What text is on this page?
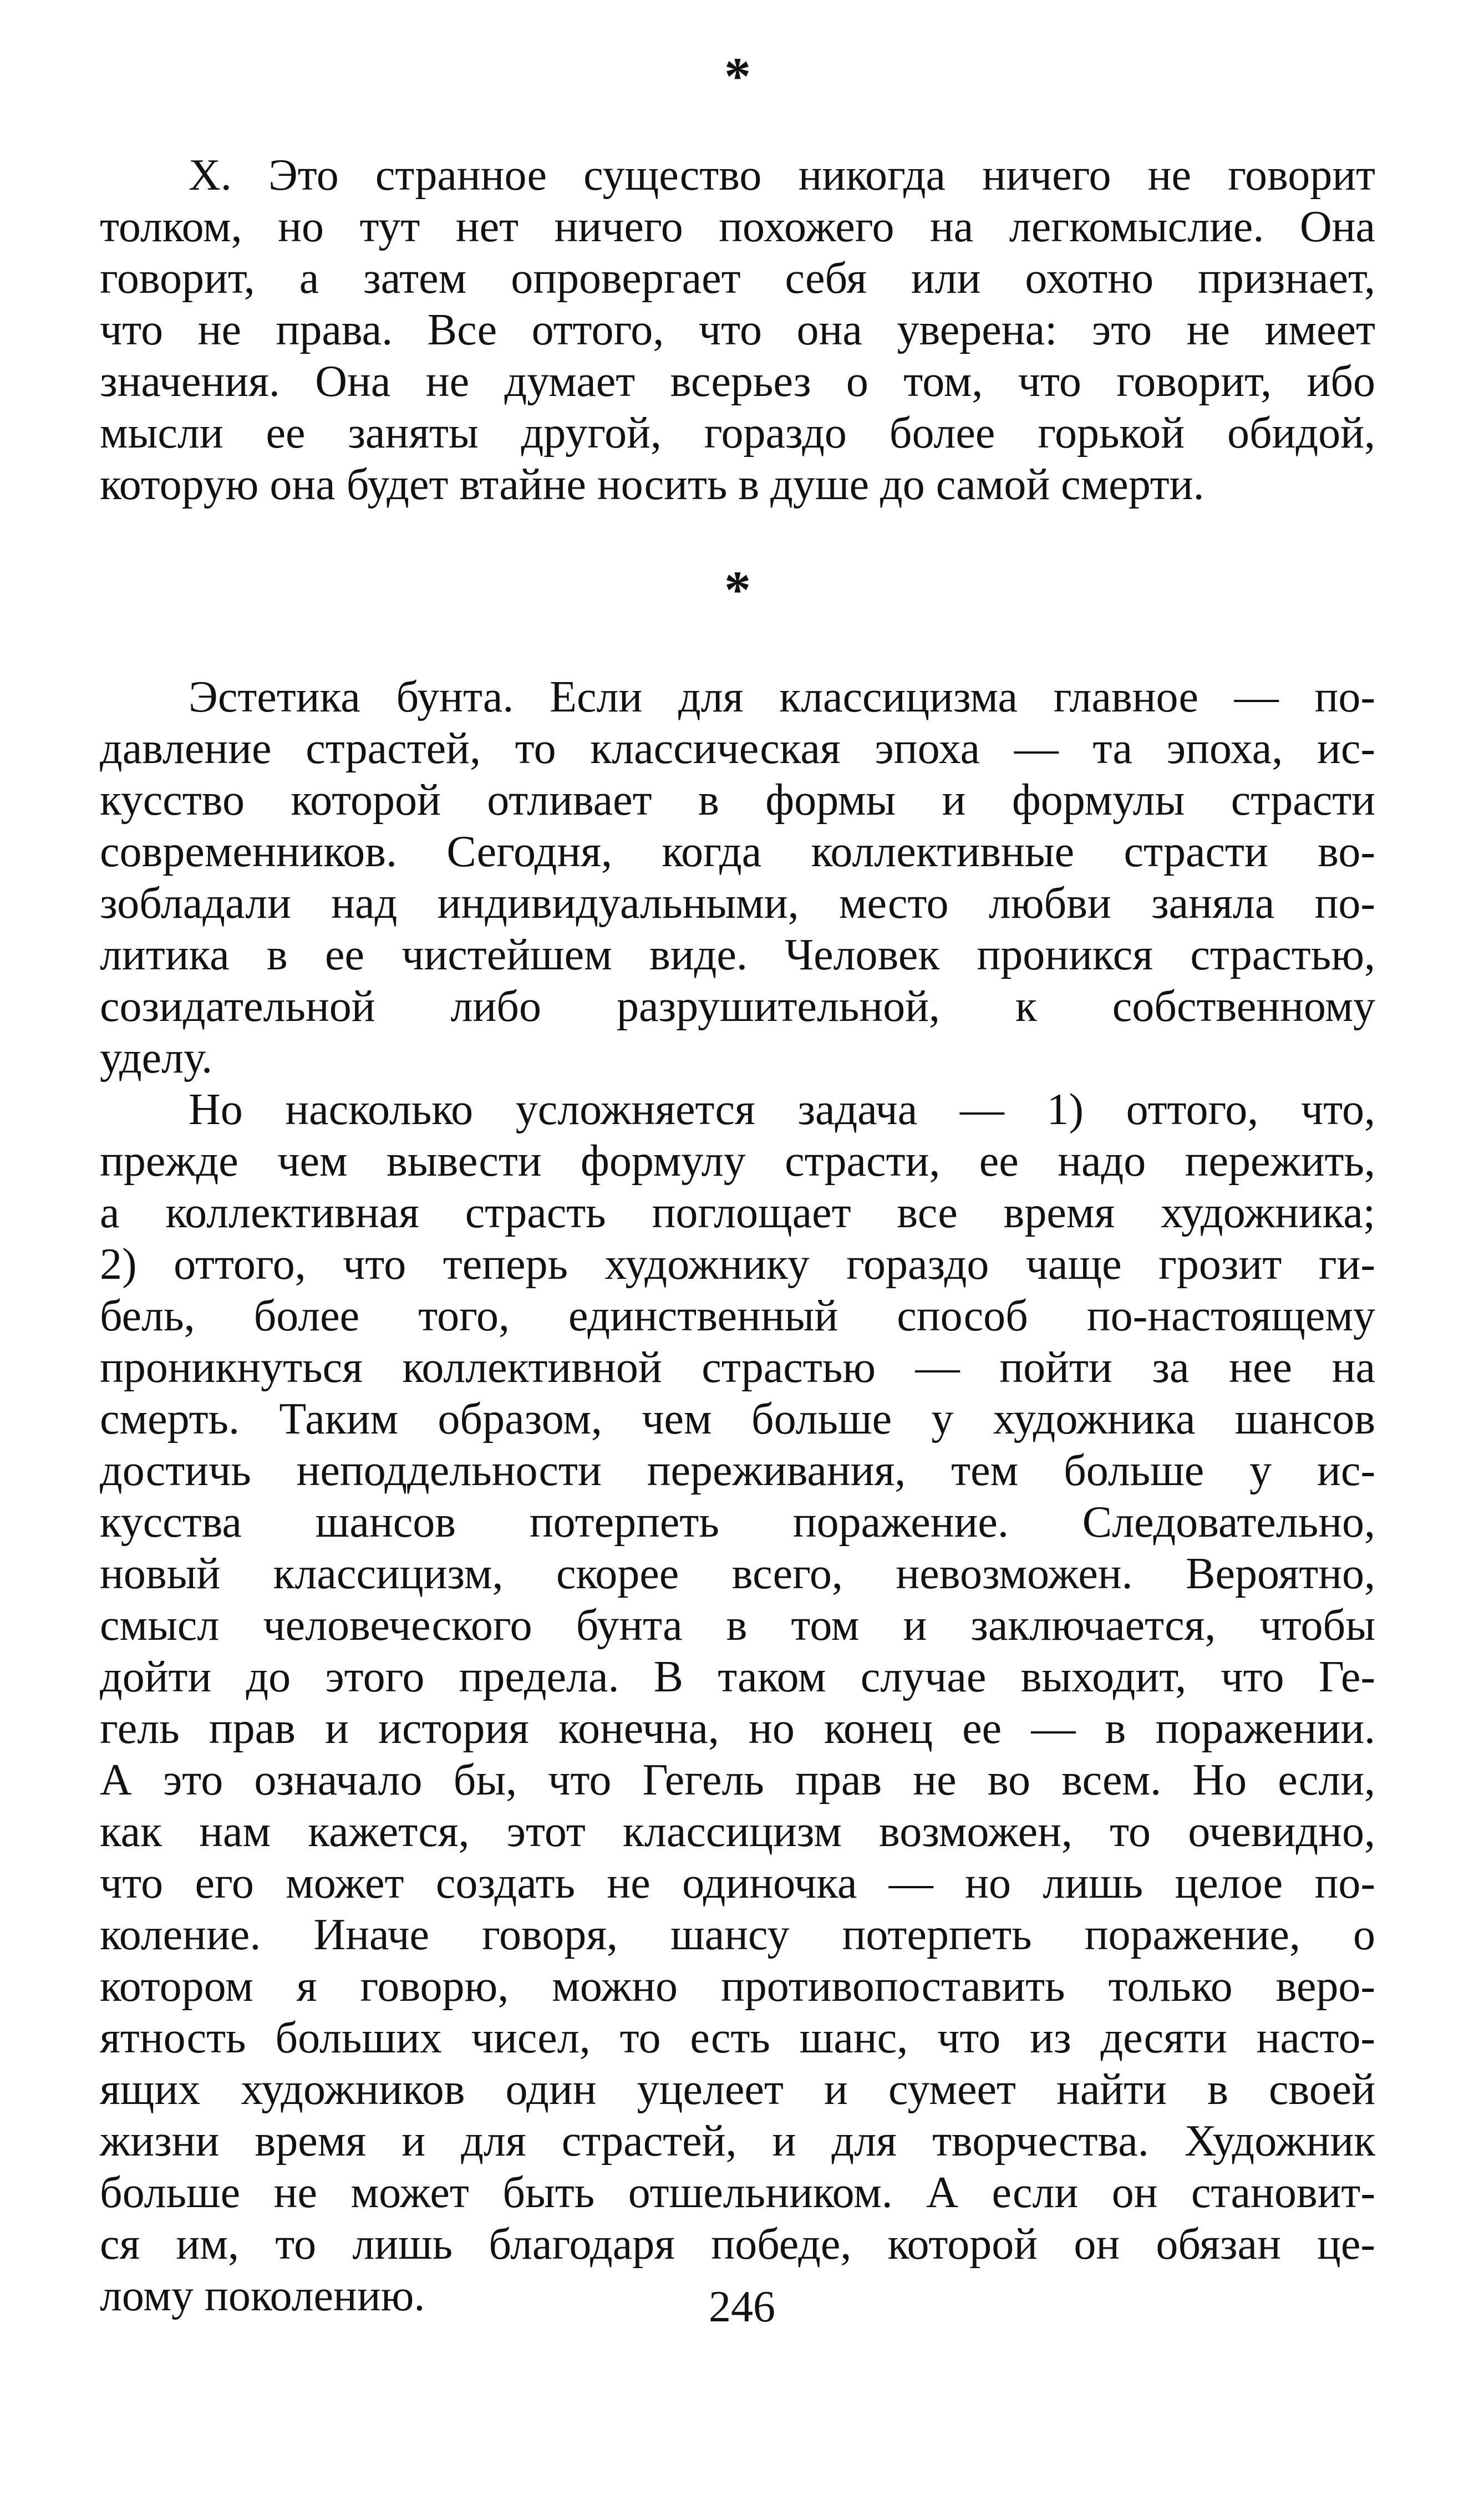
*
X. Это странное существо никогда ничего не говорит
толком, но тут нет ничего похожего на легкомыслие. Она
говорит, а затем опровергает себя или охотно признает,
что не права. Все оттого, что она уверена: это не имеет
значения. Она не думает всерьез о том, что говорит, ибо
мысли ее заняты другой, гораздо более горькой обидой,
которую она будет втайне носить в душе до самой смерти.
*
Эстетика бунта. Если для классицизма главное — по-
давление страстей, то классическая эпоха — та эпоха, ис-
кусство которой отливает в формы и формулы страсти
современников. Сегодня, когда коллективные страсти во-
зобладали над индивидуальными, место любви заняла по-
литика в ее чистейшем виде. Человек проникся страстью,
созидательной либо разрушительной, к собственному
уделу.
Но насколько усложняется задача — 1) оттого, что,
прежде чем вывести формулу страсти, ее надо пережить,
а коллективная страсть поглощает все время художника;
2) оттого, что теперь художнику гораздо чаще грозит ги-
бель, более того, единственный способ по-настоящему
проникнуться коллективной страстью — пойти за нее на
смерть. Таким образом, чем больше у художника шансов
достичь неподдельности переживания, тем больше у ис-
кусства шансов потерпеть поражение. Следовательно,
новый классицизм, скорее всего, невозможен. Вероятно,
смысл человеческого бунта в том и заключается, чтобы
дойти до этого предела. В таком случае выходит, что Ге-
гель прав и история конечна, но конец ее — в поражении.
А это означало бы, что Гегель прав не во всем. Но если,
как нам кажется, этот классицизм возможен, то очевидно,
что его может создать не одиночка — но лишь целое по-
коление. Иначе говоря, шансу потерпеть поражение, о
котором я говорю, можно противопоставить только веро-
ятность больших чисел, то есть шанс, что из десяти насто-
ящих художников один уцелеет и сумеет найти в своей
жизни время и для страстей, и для творчества. Художник
больше не может быть отшельником. А если он становит-
ся им, то лишь благодаря победе, которой он обязан це-
лому поколению.	246
